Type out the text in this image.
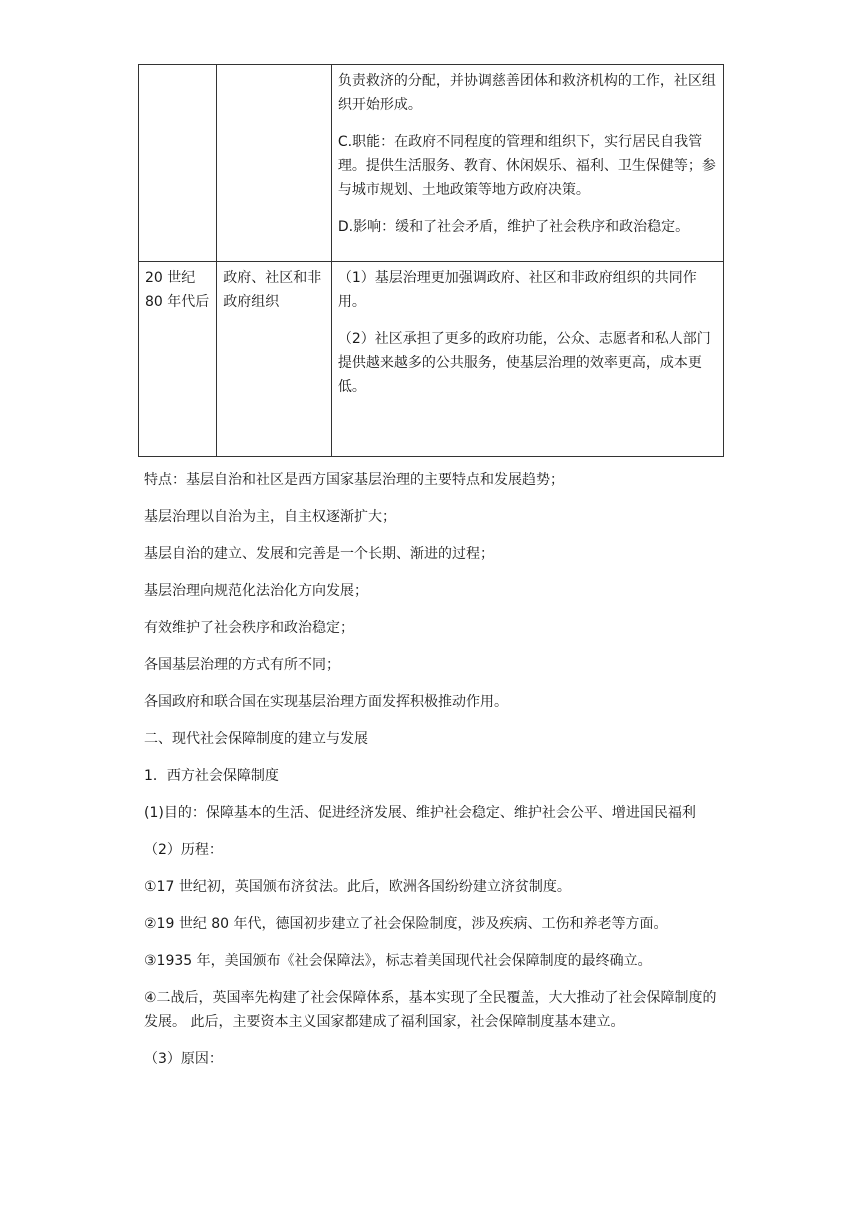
		负责救济的分配，并协调慈善团体和救济机构的工作，社区组织开始形成。

C.职能：在政府不同程度的管理和组织下，实行居民自我管理。提供生活服务、教育、休闲娱乐、福利、卫生保健等；参与城市规划、土地政策等地方政府决策。

D.影响：缓和了社会矛盾，维护了社会秩序和政治稳定。

20 世纪 80 年代后	政府、社区和非政府组织	（1）基层治理更加强调政府、社区和非政府组织的共同作用。

（2）社区承担了更多的政府功能，公众、志愿者和私人部门提供越来越多的公共服务，使基层治理的效率更高，成本更低。

特点：基层自治和社区是西方国家基层治理的主要特点和发展趋势；

基层治理以自治为主，自主权逐渐扩大；

基层自治的建立、发展和完善是一个长期、渐进的过程；

基层治理向规范化法治化方向发展；

有效维护了社会秩序和政治稳定；

各国基层治理的方式有所不同；

各国政府和联合国在实现基层治理方面发挥积极推动作用。

二、现代社会保障制度的建立与发展

1．西方社会保障制度

(1)目的：保障基本的生活、促进经济发展、维护社会稳定、维护社会公平、增进国民福利

（2）历程：

①17 世纪初，英国颁布济贫法。此后，欧洲各国纷纷建立济贫制度。

②19 世纪 80 年代，德国初步建立了社会保险制度，涉及疾病、工伤和养老等方面。

③1935 年，美国颁布《社会保障法》，标志着美国现代社会保障制度的最终确立。

④二战后，英国率先构建了社会保障体系，基本实现了全民覆盖，大大推动了社会保障制度的发展。 此后，主要资本主义国家都建成了福利国家，社会保障制度基本建立。

（3）原因：
